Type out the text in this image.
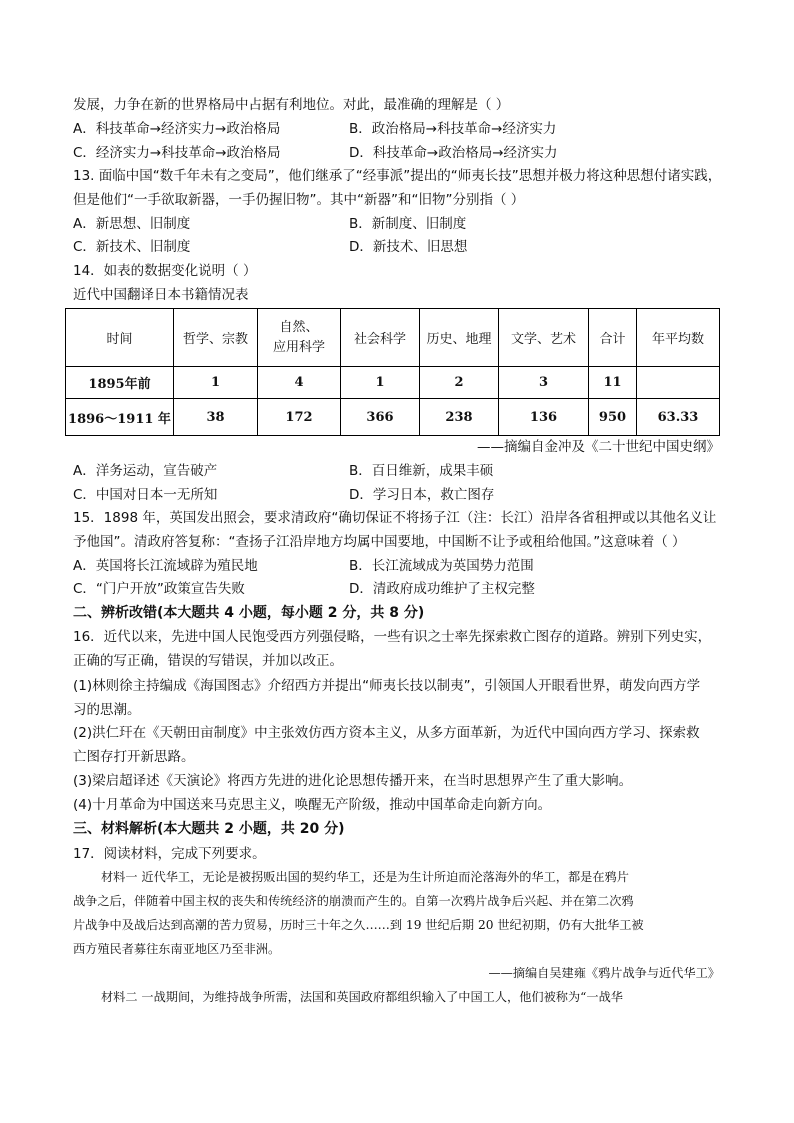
发展，力争在新的世界格局中占据有利地位。对此，最准确的理解是（ ）
A．科技革命→经济实力→政治格局	B．政治格局→科技革命→经济实力
C．经济实力→科技革命→政治格局	D．科技革命→政治格局→经济实力
13. 面临中国“数千年未有之变局”，他们继承了“经事派”提出的“师夷长技”思想并极力将这种思想付诸实践，
但是他们“一手欲取新器，一手仍握旧物”。其中“新器”和“旧物”分别指（ ）
A．新思想、旧制度	B．新制度、旧制度
C．新技术、旧制度	D．新技术、旧思想
14．如表的数据变化说明（ ）
近代中国翻译日本书籍情况表
时间	哲学、宗教	自然、
应用科学	社会科学	历史、地理	文学、艺术	合计	年平均数
1895年前	1	4	1	2	3	11	
1896～1911 年	38	172	366	238	136	950	63.33
——摘编自金冲及《二十世纪中国史纲》
A．洋务运动，宣告破产	B．百日维新，成果丰硕
C．中国对日本一无所知	D．学习日本，救亡图存
15．1898 年，英国发出照会，要求清政府“确切保证不将扬子江（注：长江）沿岸各省租押或以其他名义让
予他国”。清政府答复称：“查扬子江沿岸地方均属中国要地，中国断不让予或租给他国。”这意味着（ ）
A．英国将长江流域辟为殖民地	B．长江流域成为英国势力范围
C．“门户开放”政策宣告失败	D．清政府成功维护了主权完整
二、辨析改错(本大题共 4 小题，每小题 2 分，共 8 分)
16．近代以来，先进中国人民饱受西方列强侵略，一些有识之士率先探索救亡图存的道路。辨别下列史实，
正确的写正确，错误的写错误，并加以改正。
(1)林则徐主持编成《海国图志》介绍西方并提出“师夷长技以制夷”，引领国人开眼看世界，萌发向西方学
习的思潮。
(2)洪仁玕在《天朝田亩制度》中主张效仿西方资本主义，从多方面革新，为近代中国向西方学习、探索救
亡图存打开新思路。
(3)梁启超译述《天演论》将西方先进的进化论思想传播开来，在当时思想界产生了重大影响。
(4)十月革命为中国送来马克思主义，唤醒无产阶级，推动中国革命走向新方向。
三、材料解析(本大题共 2 小题，共 20 分)
17．阅读材料，完成下列要求。
材料一 近代华工，无论是被拐贩出国的契约华工，还是为生计所迫而沦落海外的华工，都是在鸦片
战争之后，伴随着中国主权的丧失和传统经济的崩溃而产生的。自第一次鸦片战争后兴起、并在第二次鸦
片战争中及战后达到高潮的苦力贸易，历时三十年之久……到 19 世纪后期 20 世纪初期，仍有大批华工被
西方殖民者募往东南亚地区乃至非洲。
——摘编自吴建雍《鸦片战争与近代华工》
材料二 一战期间，为维持战争所需，法国和英国政府都组织输入了中国工人，他们被称为“一战华
